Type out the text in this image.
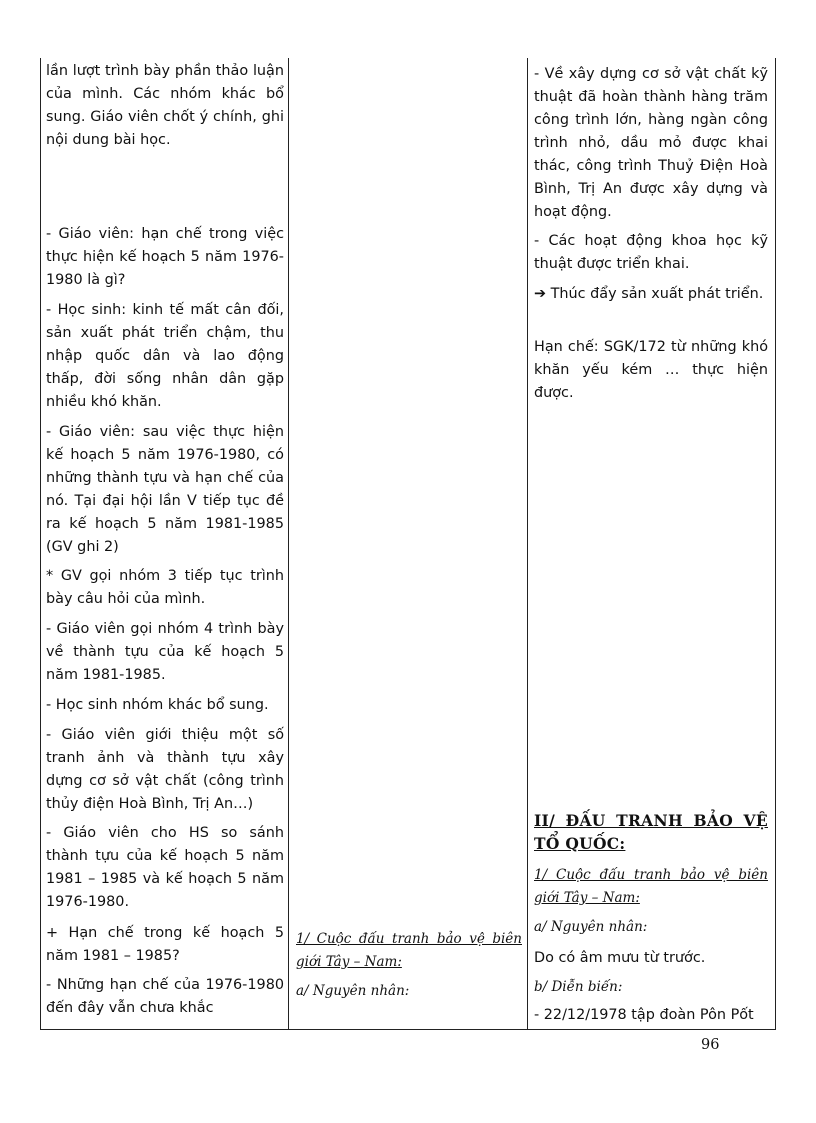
lần lượt trình bày phần thảo luận của mình. Các nhóm khác bổ sung. Giáo viên chốt ý chính, ghi nội dung bài học.

- Giáo viên: hạn chế trong việc thực hiện kế hoạch 5 năm 1976-1980 là gì?

- Học sinh: kinh tế mất cân đối, sản xuất phát triển chậm, thu nhập quốc dân và lao động thấp, đời sống nhân dân gặp nhiều khó khăn.

- Giáo viên: sau việc thực hiện kế hoạch 5 năm 1976-1980, có những thành tựu và hạn chế của nó. Tại đại hội lần V tiếp tục đề ra kế hoạch 5 năm 1981-1985 (GV ghi 2)

* GV gọi nhóm 3 tiếp tục trình bày câu hỏi của mình.

- Giáo viên gọi nhóm 4 trình bày về thành tựu của kế hoạch 5 năm 1981-1985.

- Học sinh nhóm khác bổ sung.

- Giáo viên giới thiệu một số tranh ảnh và thành tựu xây dựng cơ sở vật chất (công trình thủy điện Hoà Bình, Trị An…)

- Giáo viên cho HS so sánh thành tựu của kế hoạch 5 năm 1981 – 1985 và kế hoạch 5 năm 1976-1980.

+ Hạn chế trong kế hoạch 5 năm 1981 – 1985?

- Những hạn chế của 1976-1980 đến đây vẫn chưa khắc

1/ Cuộc đấu tranh bảo vệ biên giới Tây – Nam:

a/ Nguyên nhân:

- Về xây dựng cơ sở vật chất kỹ thuật đã hoàn thành hàng trăm công trình lớn, hàng ngàn công trình nhỏ, dầu mỏ được khai thác, công trình Thuỷ Điện Hoà Bình, Trị An được xây dựng và hoạt động.

- Các hoạt động khoa học kỹ thuật được triển khai.

➔ Thúc đẩy sản xuất phát triển.

Hạn chế: SGK/172 từ những khó khăn yếu kém … thực hiện được.

II/ ĐẤU TRANH BẢO VỆ TỔ QUỐC:

1/ Cuộc đấu tranh bảo vệ biên giới Tây – Nam:

a/ Nguyên nhân:

Do có âm mưu từ trước.

b/ Diễn biến:

- 22/12/1978 tập đoàn Pôn Pốt

96
